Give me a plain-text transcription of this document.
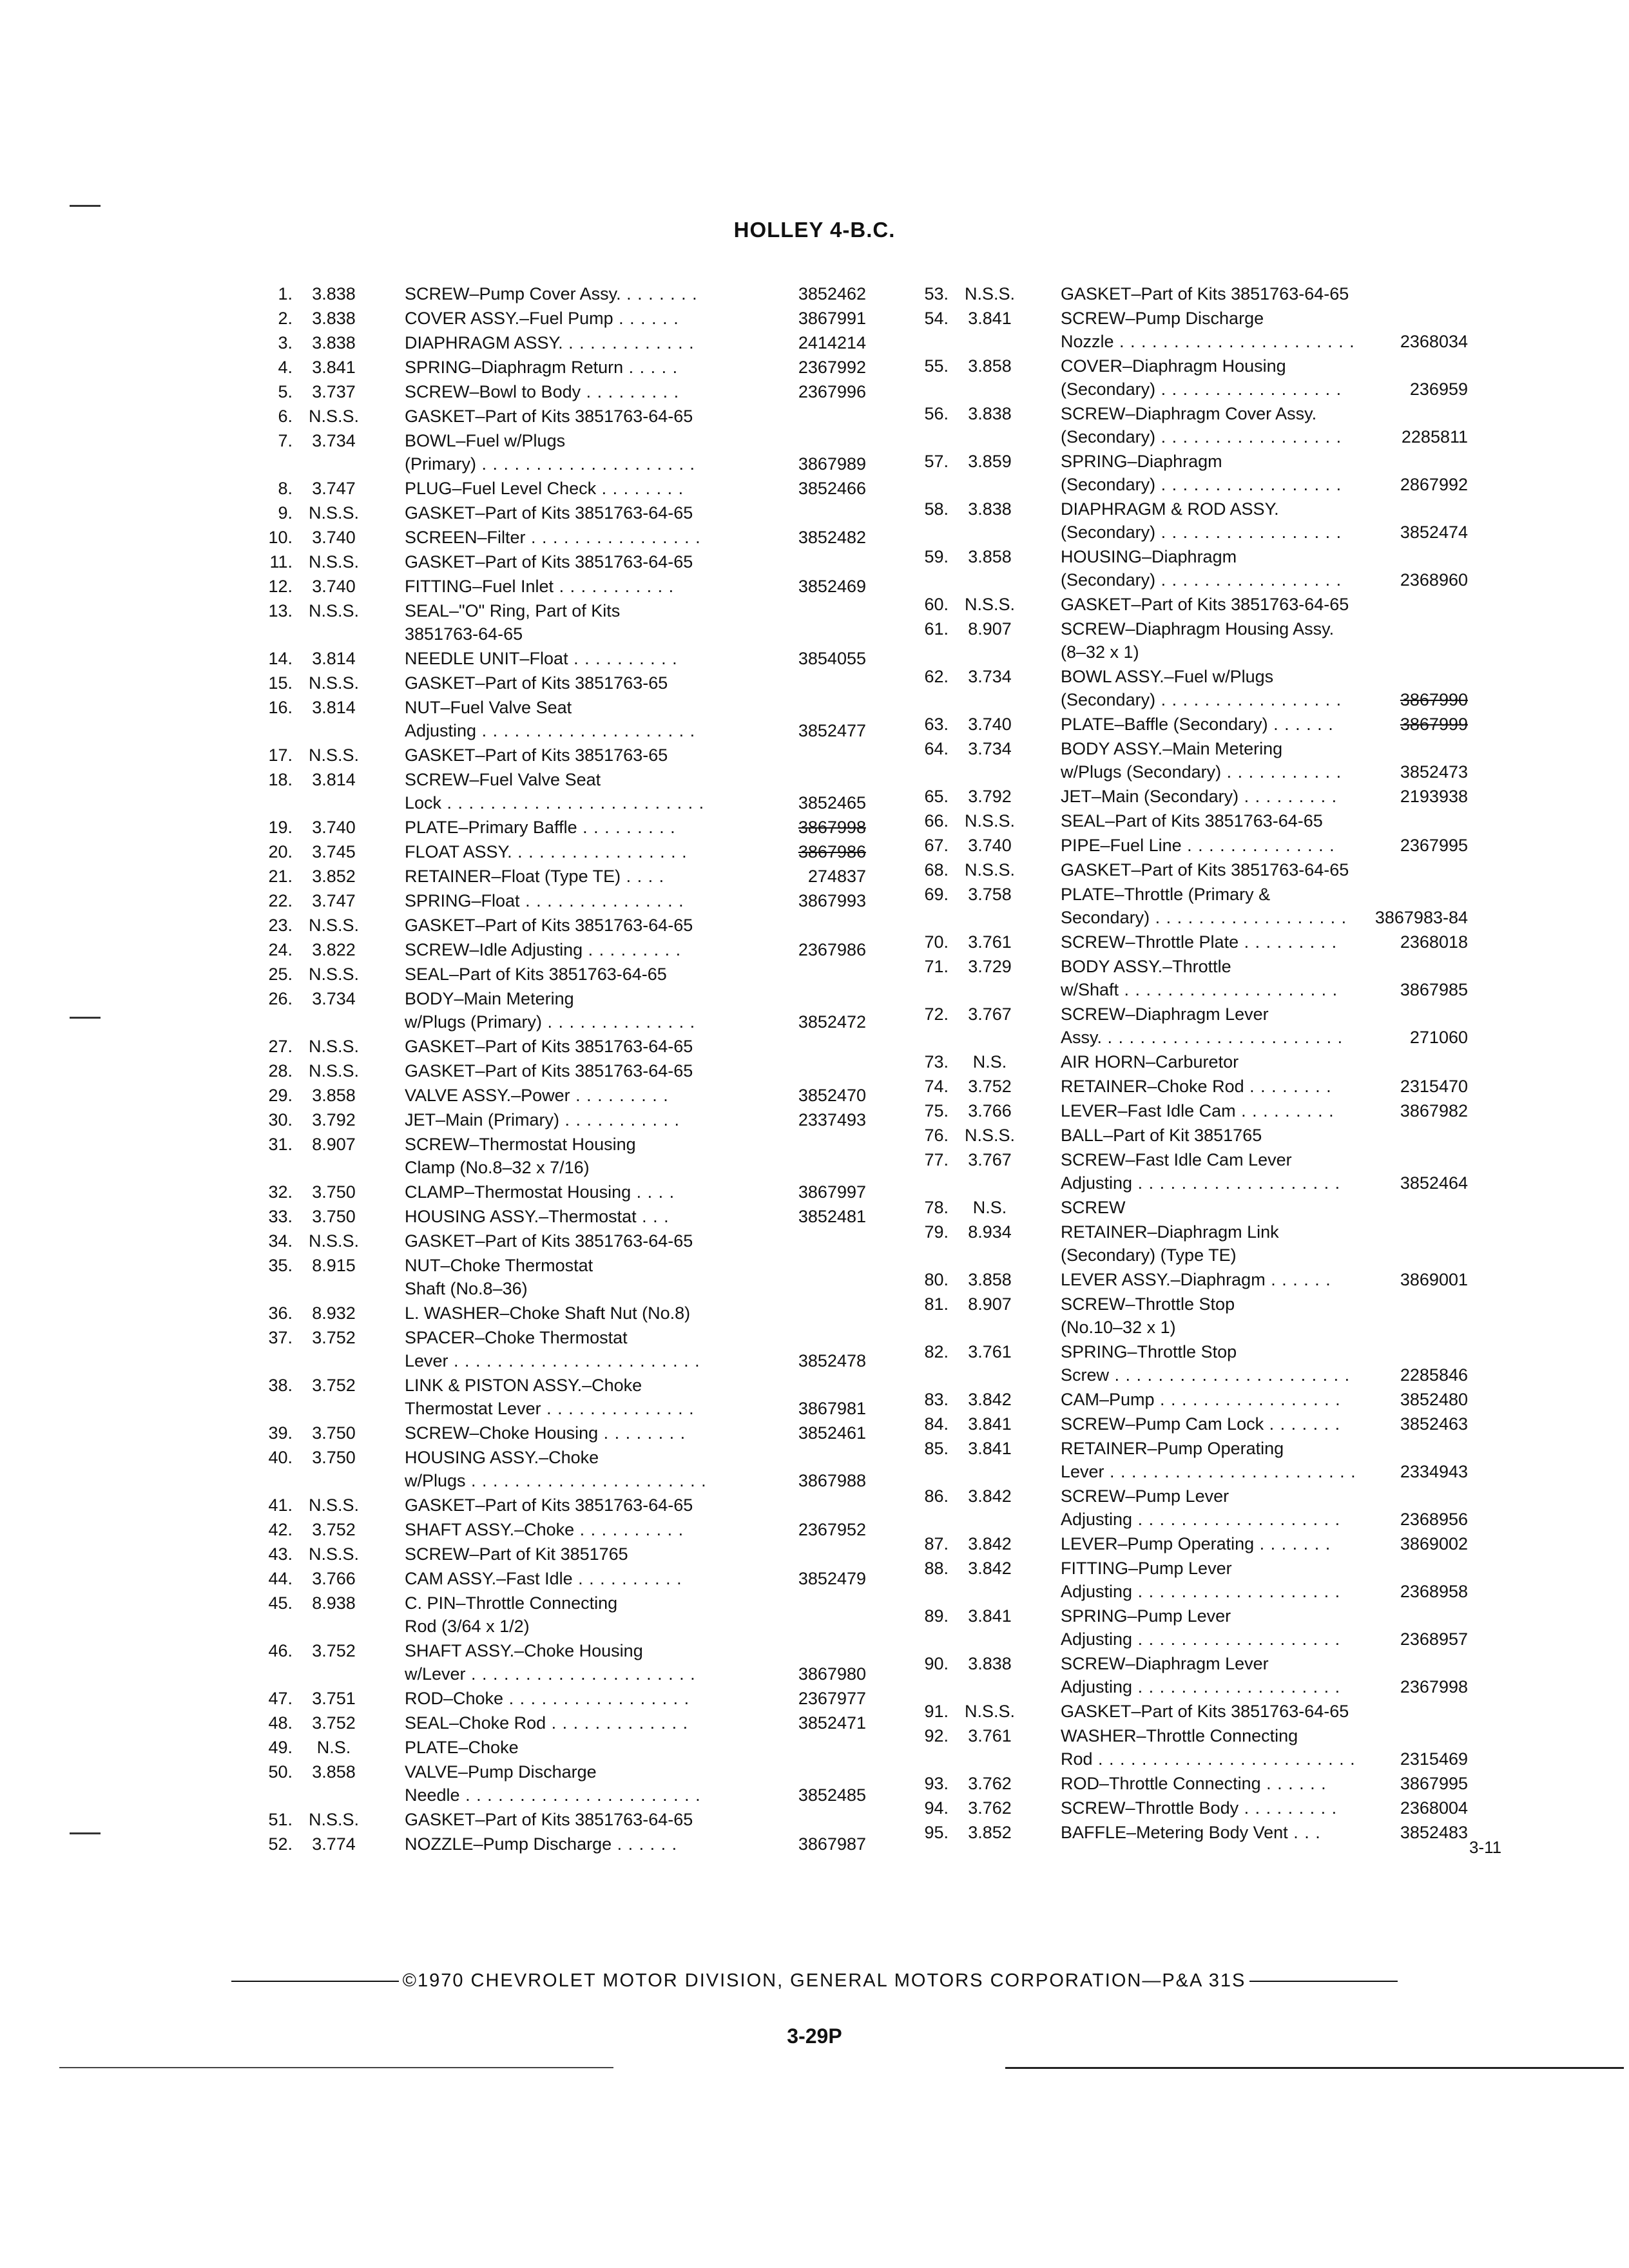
HOLLEY 4-B.C.
1.	3.838	SCREW–Pump Cover Assy. . . . . . . .	3852462
2.	3.838	COVER ASSY.–Fuel Pump . . . . . .	3867991
3.	3.838	DIAPHRAGM ASSY. . . . . . . . . . . . .	2414214
4.	3.841	SPRING–Diaphragm Return . . . . .	2367992
5.	3.737	SCREW–Bowl to Body . . . . . . . . .	2367996
6. N.S.S.	GASKET–Part of Kits 3851763-64-65
7.	3.734	BOWL–Fuel w/Plugs
(Primary) . . . . . . . . . . . . . . . . . . . .	3867989
8.	3.747	PLUG–Fuel Level Check . . . . . . . .	3852466
9. N.S.S.	GASKET–Part of Kits 3851763-64-65
10.	3.740	SCREEN–Filter . . . . . . . . . . . . . . . .	3852482
11. N.S.S.	GASKET–Part of Kits 3851763-64-65
12.	3.740	FITTING–Fuel Inlet . . . . . . . . . . .	3852469
13. N.S.S.	SEAL–"O" Ring, Part of Kits
3851763-64-65
14.	3.814	NEEDLE UNIT–Float . . . . . . . . . .	3854055
15. N.S.S.	GASKET–Part of Kits 3851763-65
16.	3.814	NUT–Fuel Valve Seat
Adjusting . . . . . . . . . . . . . . . . . . . .	3852477
17. N.S.S.	GASKET–Part of Kits 3851763-65
18.	3.814	SCREW–Fuel Valve Seat
Lock . . . . . . . . . . . . . . . . . . . . . . . .	3852465
19.	3.740	PLATE–Primary Baffle . . . . . . . . .	3867998
20.	3.745	FLOAT ASSY. . . . . . . . . . . . . . . . .	3867986
21.	3.852	RETAINER–Float (Type TE) . . . .	274837
22.	3.747	SPRING–Float . . . . . . . . . . . . . . .	3867993
23. N.S.S.	GASKET–Part of Kits 3851763-64-65
24.	3.822	SCREW–Idle Adjusting . . . . . . . . .	2367986
25. N.S.S.	SEAL–Part of Kits 3851763-64-65
26.	3.734	BODY–Main Metering
w/Plugs (Primary) . . . . . . . . . . . . . .	3852472
27. N.S.S.	GASKET–Part of Kits 3851763-64-65
28. N.S.S.	GASKET–Part of Kits 3851763-64-65
29.	3.858	VALVE ASSY.–Power . . . . . . . . .	3852470
30.	3.792	JET–Main (Primary) . . . . . . . . . . .	2337493
31.	8.907	SCREW–Thermostat Housing
Clamp (No.8–32 x 7/16)
32.	3.750	CLAMP–Thermostat Housing . . . .	3867997
33.	3.750	HOUSING ASSY.–Thermostat . . .	3852481
34. N.S.S.	GASKET–Part of Kits 3851763-64-65
35.	8.915	NUT–Choke Thermostat
Shaft (No.8–36)
36.	8.932	L. WASHER–Choke Shaft Nut (No.8)
37.	3.752	SPACER–Choke Thermostat
Lever . . . . . . . . . . . . . . . . . . . . . . .	3852478
38.	3.752	LINK & PISTON ASSY.–Choke
Thermostat Lever . . . . . . . . . . . . . .	3867981
39.	3.750	SCREW–Choke Housing . . . . . . . .	3852461
40.	3.750	HOUSING ASSY.–Choke
w/Plugs . . . . . . . . . . . . . . . . . . . . . .	3867988
41. N.S.S.	GASKET–Part of Kits 3851763-64-65
42.	3.752	SHAFT ASSY.–Choke . . . . . . . . . .	2367952
43. N.S.S.	SCREW–Part of Kit 3851765
44.	3.766	CAM ASSY.–Fast Idle . . . . . . . . . .	3852479
45.	8.938	C. PIN–Throttle Connecting
Rod (3/64 x 1/2)
46.	3.752	SHAFT ASSY.–Choke Housing
w/Lever . . . . . . . . . . . . . . . . . . . . .	3867980
47.	3.751	ROD–Choke . . . . . . . . . . . . . . . . .	2367977
48.	3.752	SEAL–Choke Rod . . . . . . . . . . . . .	3852471
49.	N.S.	PLATE–Choke
50.	3.858	VALVE–Pump Discharge
Needle . . . . . . . . . . . . . . . . . . . . . .	3852485
51. N.S.S.	GASKET–Part of Kits 3851763-64-65
52.	3.774	NOZZLE–Pump Discharge . . . . . .	3867987
53. N.S.S.	GASKET–Part of Kits 3851763-64-65
54.	3.841	SCREW–Pump Discharge
Nozzle . . . . . . . . . . . . . . . . . . . . . .	2368034
55.	3.858	COVER–Diaphragm Housing
(Secondary) . . . . . . . . . . . . . . . . .	236959
56.	3.838	SCREW–Diaphragm Cover Assy.
(Secondary) . . . . . . . . . . . . . . . . .	2285811
57.	3.859	SPRING–Diaphragm
(Secondary) . . . . . . . . . . . . . . . . .	2867992
58.	3.838	DIAPHRAGM & ROD ASSY.
(Secondary) . . . . . . . . . . . . . . . . .	3852474
59.	3.858	HOUSING–Diaphragm
(Secondary) . . . . . . . . . . . . . . . . .	2368960
60. N.S.S.	GASKET–Part of Kits 3851763-64-65
61.	8.907	SCREW–Diaphragm Housing Assy.
(8–32 x 1)
62.	3.734	BOWL ASSY.–Fuel w/Plugs
(Secondary) . . . . . . . . . . . . . . . . .	3867990
63.	3.740	PLATE–Baffle (Secondary) . . . . . .	3867999
64.	3.734	BODY ASSY.–Main Metering
w/Plugs (Secondary) . . . . . . . . . . .	3852473
65.	3.792	JET–Main (Secondary) . . . . . . . . .	2193938
66. N.S.S.	SEAL–Part of Kits 3851763-64-65
67.	3.740	PIPE–Fuel Line . . . . . . . . . . . . . .	2367995
68. N.S.S.	GASKET–Part of Kits 3851763-64-65
69.	3.758	PLATE–Throttle (Primary &
Secondary) . . . . . . . . . . . . . . . . . . 3867983-84
70.	3.761	SCREW–Throttle Plate . . . . . . . . .	2368018
71.	3.729	BODY ASSY.–Throttle
w/Shaft . . . . . . . . . . . . . . . . . . . .	3867985
72.	3.767	SCREW–Diaphragm Lever
Assy. . . . . . . . . . . . . . . . . . . . . . .	271060
73.	N.S.	AIR HORN–Carburetor
74.	3.752	RETAINER–Choke Rod . . . . . . . .	2315470
75.	3.766	LEVER–Fast Idle Cam . . . . . . . . .	3867982
76. N.S.S.	BALL–Part of Kit 3851765
77.	3.767	SCREW–Fast Idle Cam Lever
Adjusting . . . . . . . . . . . . . . . . . . .	3852464
78.	N.S.	SCREW
79.	8.934	RETAINER–Diaphragm Link
(Secondary) (Type TE)
80.	3.858	LEVER ASSY.–Diaphragm . . . . . .	3869001
81.	8.907	SCREW–Throttle Stop
(No.10–32 x 1)
82.	3.761	SPRING–Throttle Stop
Screw . . . . . . . . . . . . . . . . . . . . . .	2285846
83.	3.842	CAM–Pump . . . . . . . . . . . . . . . . .	3852480
84.	3.841	SCREW–Pump Cam Lock . . . . . . .	3852463
85.	3.841	RETAINER–Pump Operating
Lever . . . . . . . . . . . . . . . . . . . . . . .	2334943
86.	3.842	SCREW–Pump Lever
Adjusting . . . . . . . . . . . . . . . . . . .	2368956
87.	3.842	LEVER–Pump Operating . . . . . . .	3869002
88.	3.842	FITTING–Pump Lever
Adjusting . . . . . . . . . . . . . . . . . . .	2368958
89.	3.841	SPRING–Pump Lever
Adjusting . . . . . . . . . . . . . . . . . . .	2368957
90.	3.838	SCREW–Diaphragm Lever
Adjusting . . . . . . . . . . . . . . . . . . .	2367998
91. N.S.S.	GASKET–Part of Kits 3851763-64-65
92.	3.761	WASHER–Throttle Connecting
Rod . . . . . . . . . . . . . . . . . . . . . . . .	2315469
93.	3.762	ROD–Throttle Connecting . . . . . .	3867995
94.	3.762	SCREW–Throttle Body . . . . . . . . .	2368004
95.	3.852	BAFFLE–Metering Body Vent . . .	3852483
3-11
©1970 CHEVROLET MOTOR DIVISION, GENERAL MOTORS CORPORATION—P&A 31S
3-29P
